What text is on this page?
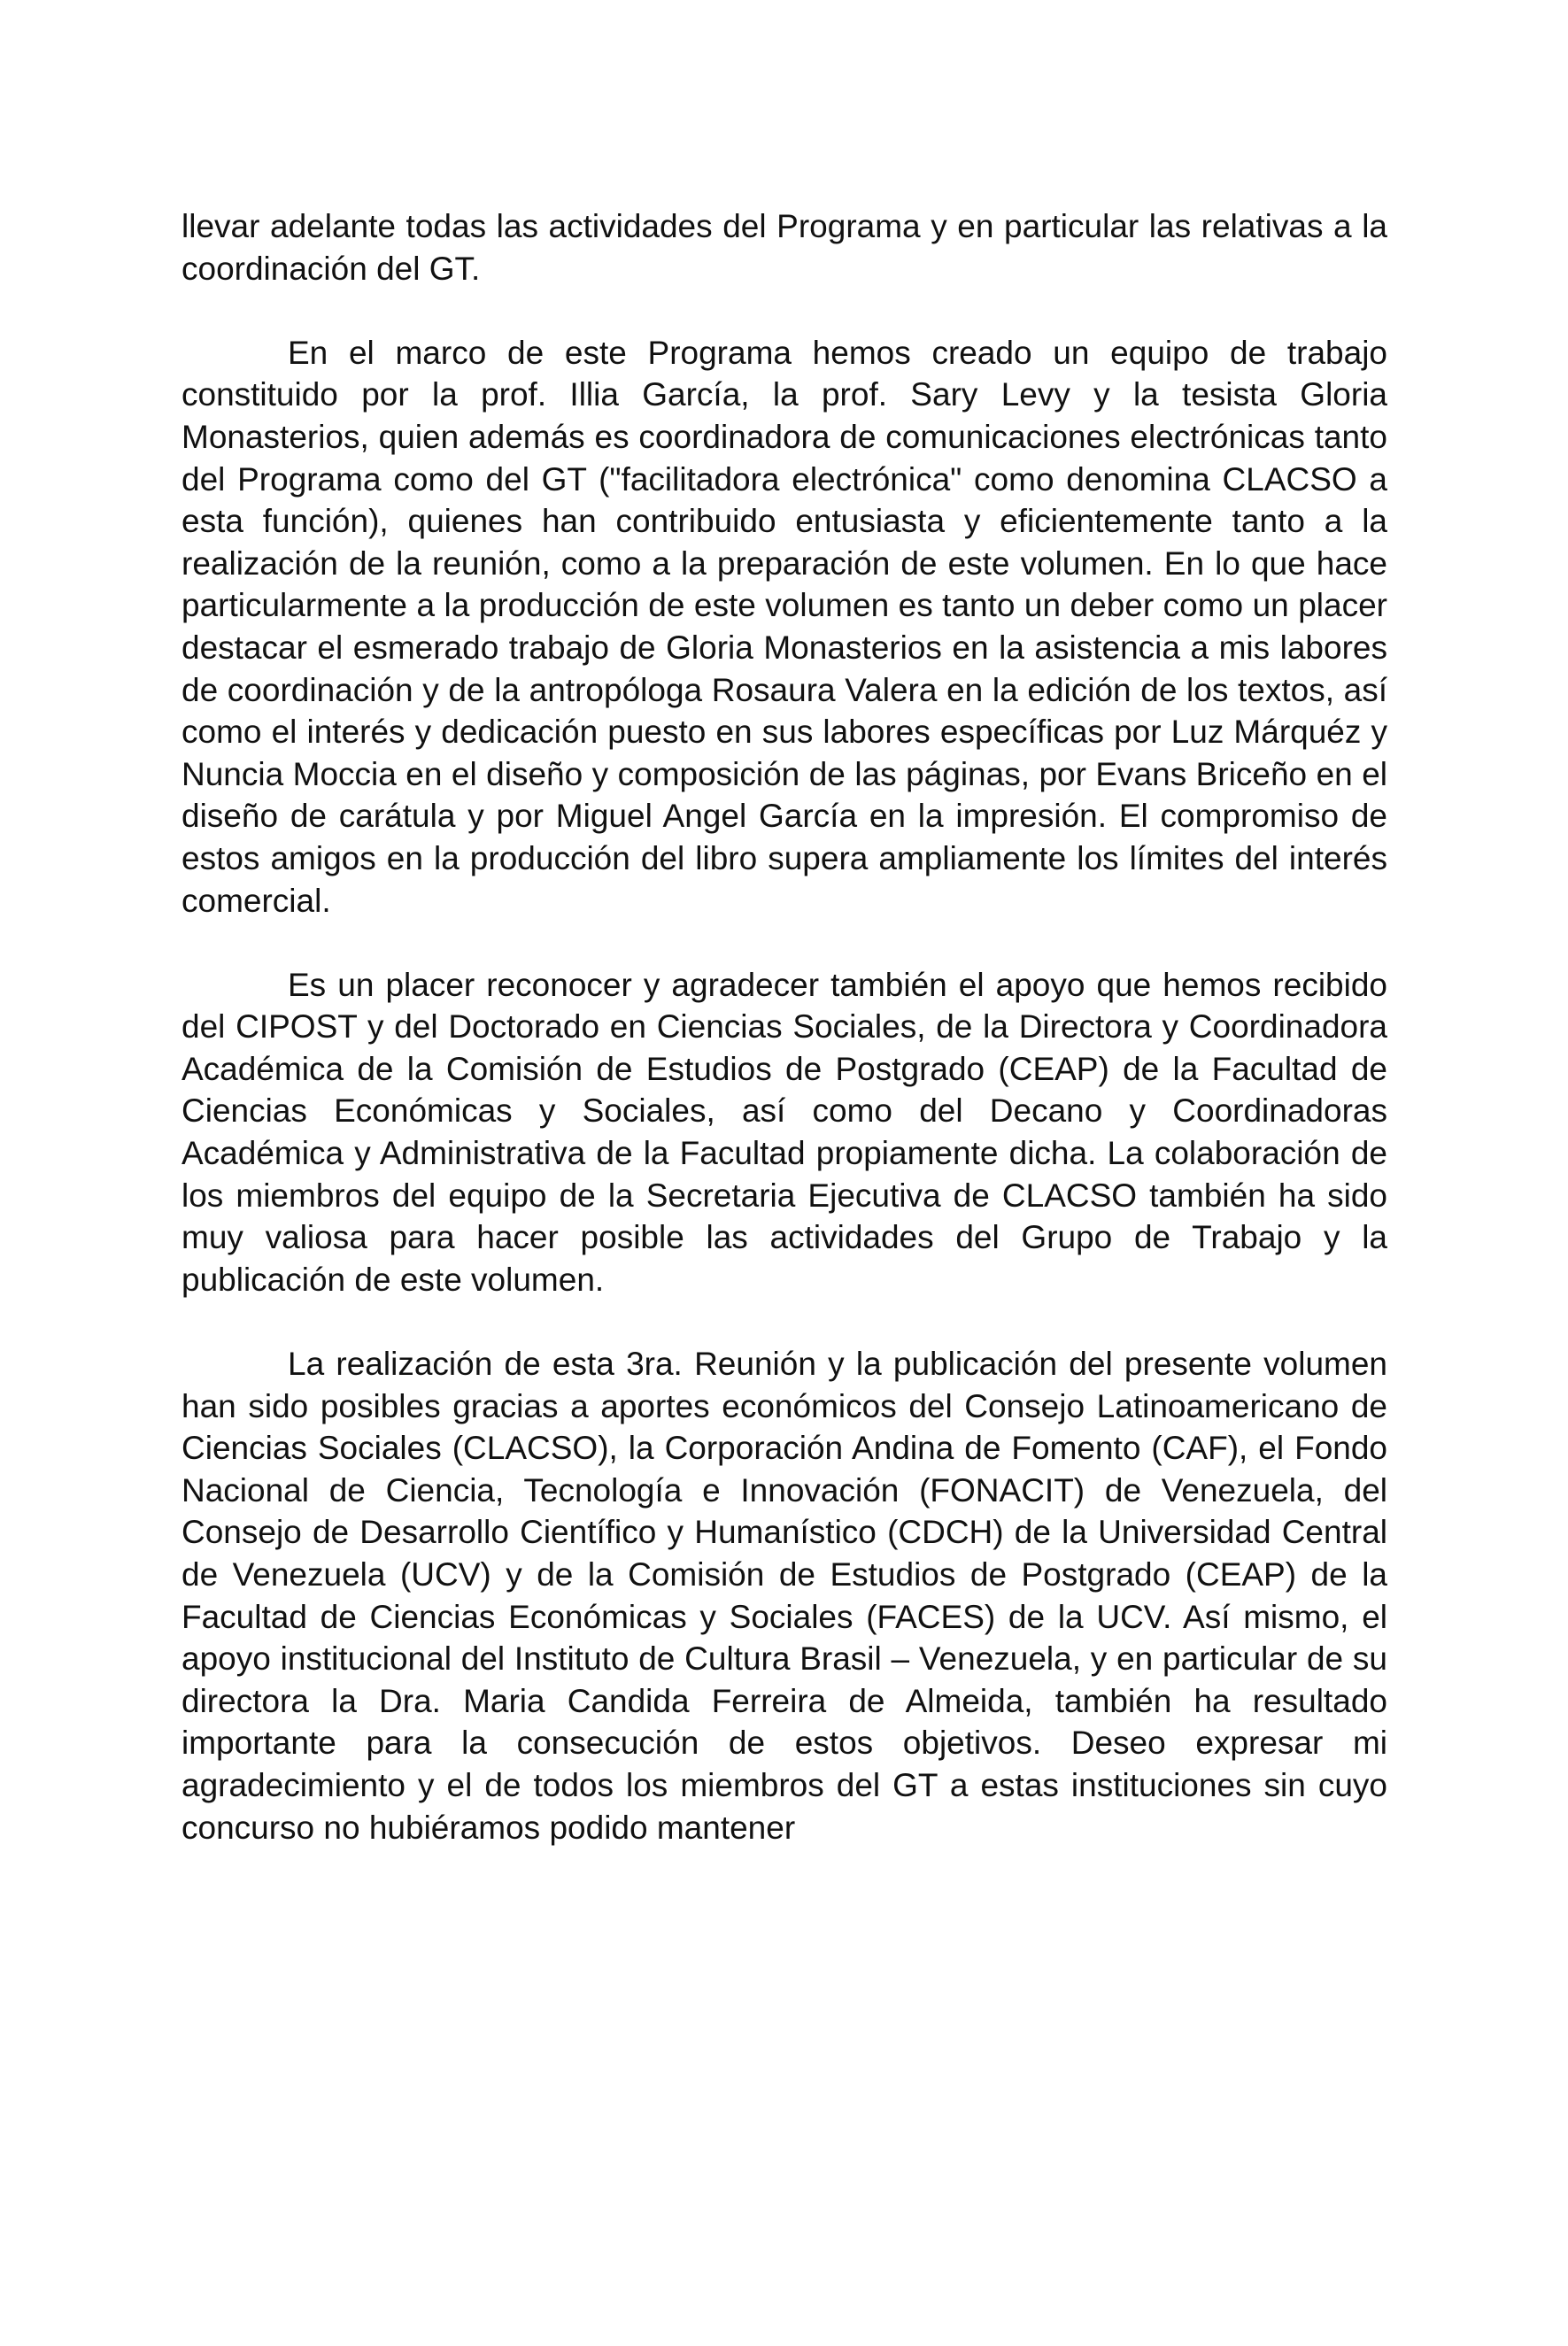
llevar adelante todas las actividades del Programa y en particular las relativas a la coordinación del GT.

En el marco de este Programa hemos creado un equipo de trabajo constituido por la prof. Illia García, la prof. Sary Levy y la tesista Gloria Monasterios, quien además es coordinadora de comunicaciones electrónicas tanto del Programa como del GT ("facilitadora electrónica" como denomina CLACSO a esta función), quienes han contribuido entusiasta y eficientemente tanto a la realización de la reunión, como a la preparación de este volumen. En lo que hace particularmente a la producción de este volumen es tanto un deber como un placer destacar el esmerado trabajo de Gloria Monasterios en la asistencia a mis labores de coordinación y de la antropóloga Rosaura Valera en la edición de los textos, así como el interés y dedicación puesto en sus labores específicas por Luz Márquéz y Nuncia Moccia en el diseño y composición de las páginas, por Evans Briceño en el diseño de carátula y por Miguel Angel García en la impresión. El compromiso de estos amigos en la producción del libro supera ampliamente los límites del interés comercial.

Es un placer reconocer y agradecer también el apoyo que hemos recibido del CIPOST y del Doctorado en Ciencias Sociales, de la Directora y Coordinadora Académica de la Comisión de Estudios de Postgrado (CEAP) de la Facultad de Ciencias Económicas y Sociales, así como del Decano y Coordinadoras Académica y Administrativa de la Facultad propiamente dicha. La colaboración de los miembros del equipo de la Secretaria Ejecutiva de CLACSO también ha sido muy valiosa para hacer posible las actividades del Grupo de Trabajo y la publicación de este volumen.

La realización de esta 3ra. Reunión y la publicación del presente volumen han sido posibles gracias a aportes económicos del Consejo Latinoamericano de Ciencias Sociales (CLACSO), la Corporación Andina de Fomento (CAF), el Fondo Nacional de Ciencia, Tecnología e Innovación (FONACIT) de Venezuela, del Consejo de Desarrollo Científico y Humanístico (CDCH) de la Universidad Central de Venezuela (UCV) y de la Comisión de Estudios de Postgrado (CEAP) de la Facultad de Ciencias Económicas y Sociales (FACES) de la UCV. Así mismo, el apoyo institucional del Instituto de Cultura Brasil – Venezuela, y en particular de su directora la Dra. Maria Candida Ferreira de Almeida, también ha resultado importante para la consecución de estos objetivos. Deseo expresar mi agradecimiento y el de todos los miembros del GT a estas instituciones sin cuyo concurso no hubiéramos podido mantener
